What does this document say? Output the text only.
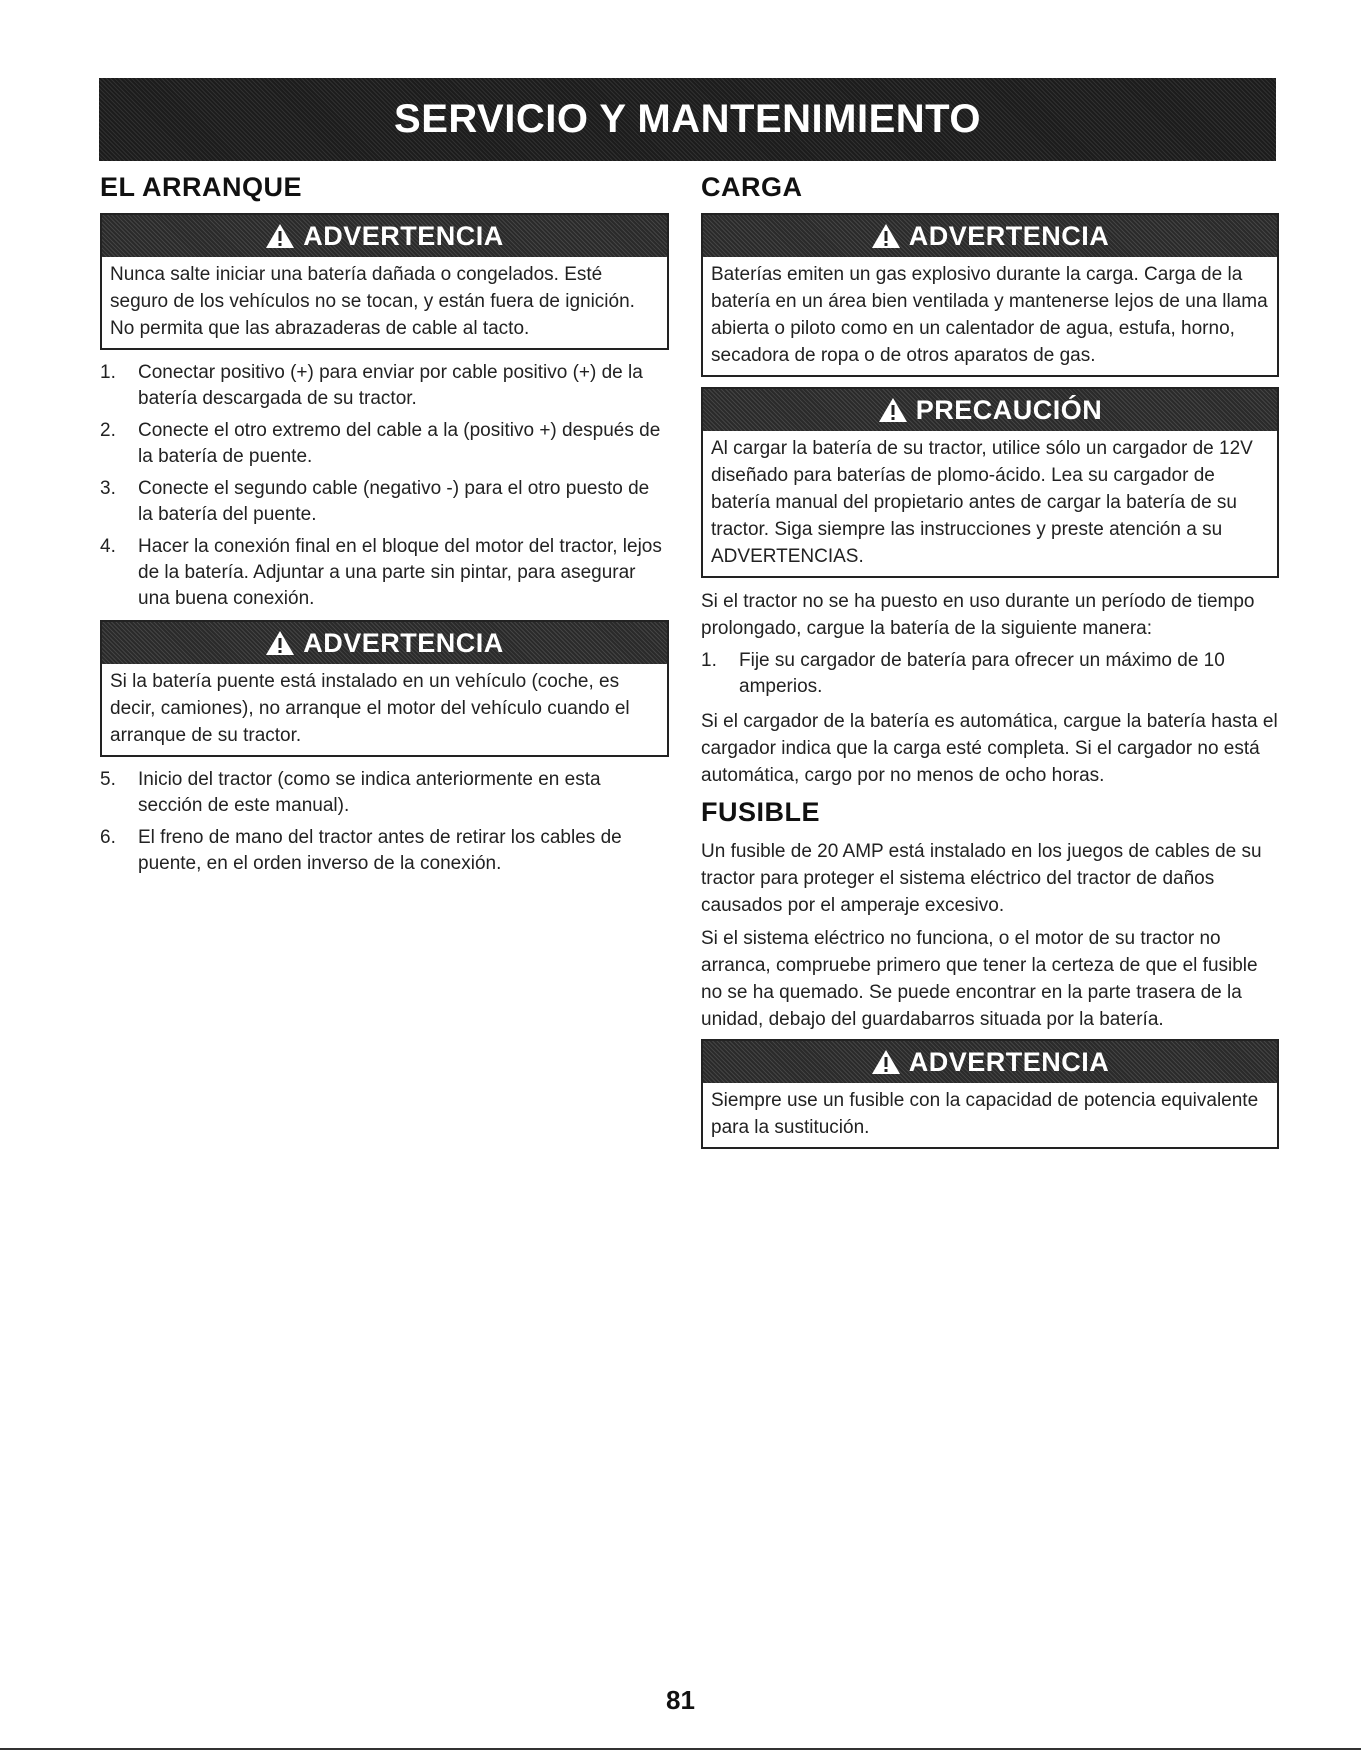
SERVICIO Y MANTENIMIENTO
EL ARRANQUE
ADVERTENCIA

Nunca salte iniciar una batería dañada o congelados. Esté seguro de los vehículos no se tocan, y están fuera de ignición. No permita que las abrazaderas de cable al tacto.

1. Conectar positivo (+) para enviar por cable positivo (+) de la batería descargada de su tractor.
2. Conecte el otro extremo del cable a la (positivo +) después de la batería de puente.
3. Conecte el segundo cable (negativo -) para el otro puesto de la batería del puente.
4. Hacer la conexión final en el bloque del motor del tractor, lejos de la batería. Adjuntar a una parte sin pintar, para asegurar una buena conexión.
ADVERTENCIA

Si la batería puente está instalado en un vehículo (coche, es decir, camiones), no arranque el motor del vehículo cuando el arranque de su tractor.

5. Inicio del tractor (como se indica anteriormente en esta sección de este manual).
6. El freno de mano del tractor antes de retirar los cables de puente, en el orden inverso de la conexión.
CARGA
ADVERTENCIA

Baterías emiten un gas explosivo durante la carga. Carga de la batería en un área bien ventilada y mantenerse lejos de una llama abierta o piloto como en un calentador de agua, estufa, horno, secadora de ropa o de otros aparatos de gas.

PRECAUCIÓN

Al cargar la batería de su tractor, utilice sólo un cargador de 12V diseñado para baterías de plomo-ácido. Lea su cargador de batería manual del propietario antes de cargar la batería de su tractor. Siga siempre las instrucciones y preste atención a su ADVERTENCIAS.

Si el tractor no se ha puesto en uso durante un período de tiempo prolongado, cargue la batería de la siguiente manera:

1. Fije su cargador de batería para ofrecer un máximo de 10 amperios.

Si el cargador de la batería es automática, cargue la batería hasta el cargador indica que la carga esté completa. Si el cargador no está automática, cargo por no menos de ocho horas.

FUSIBLE

Un fusible de 20 AMP está instalado en los juegos de cables de su tractor para proteger el sistema eléctrico del tractor de daños causados por el amperaje excesivo.

Si el sistema eléctrico no funciona, o el motor de su tractor no arranca, compruebe primero que tener la certeza de que el fusible no se ha quemado. Se puede encontrar en la parte trasera de la unidad, debajo del guardabarros situada por la batería.

ADVERTENCIA

Siempre use un fusible con la capacidad de potencia equivalente para la sustitución.

81
